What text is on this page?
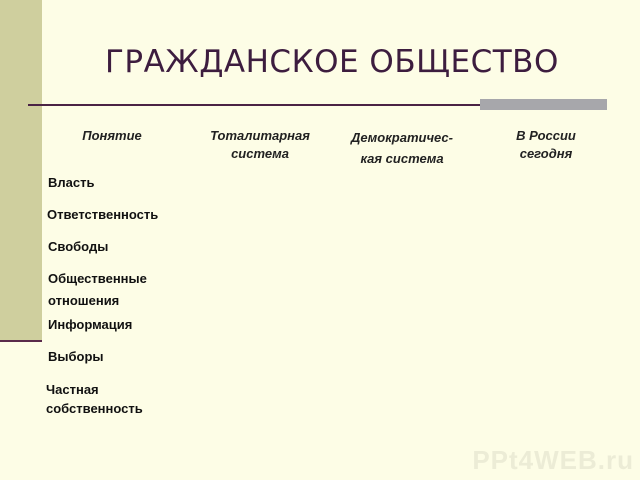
ГРАЖДАНСКОЕ ОБЩЕСТВО
Понятие	Тоталитарная
система
Демократичес-
кая система
В России
сегодня
Власть
Ответственность
Свободы
Общественные
отношения
Информация
Выборы
Частная
собственность
PPt4WEB.ru
